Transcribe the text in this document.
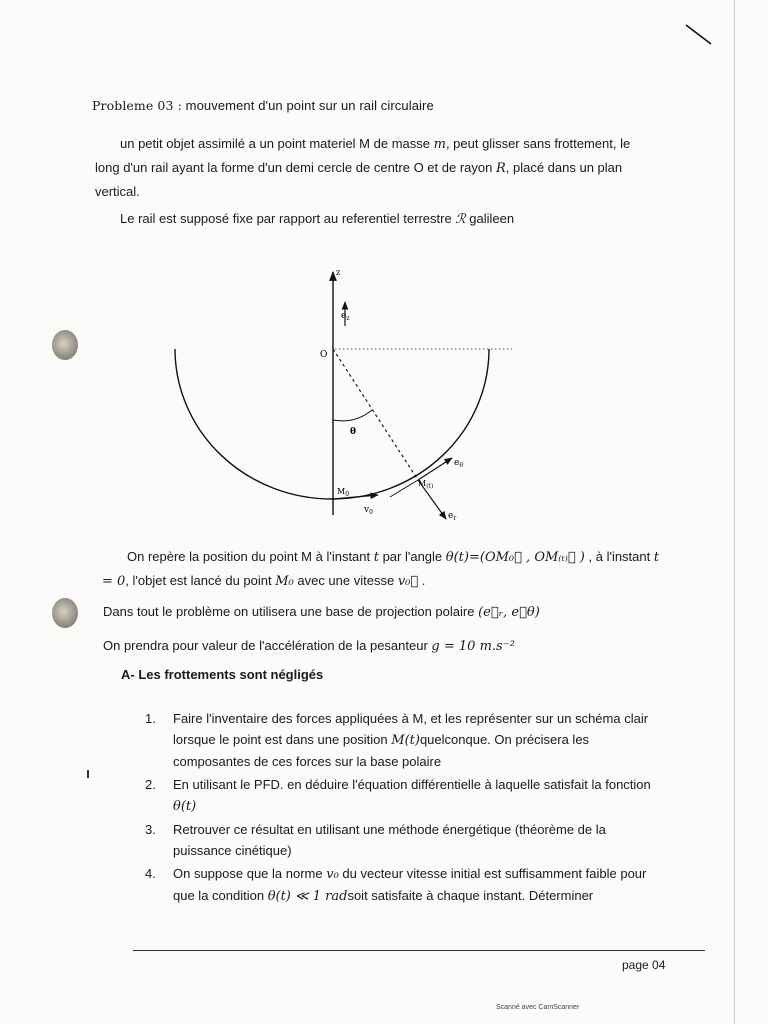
Probleme 03 : mouvement d'un point sur un rail circulaire
un petit objet assimilé a un point materiel M de masse m, peut glisser sans frottement, le long d'un rail ayant la forme d'un demi cercle de centre O et de rayon R, placé dans un plan vertical.
Le rail est supposé fixe par rapport au referentiel terrestre ℛ galileen
z
$e_z$
O
θ
$e_\theta$
$M_0$
$M_{(t)}$
$e_r$
$v_0$
On repère la position du point M à l'instant t par l'angle θ(t)=(OM₀⃗ , OM₍ₜ₎⃗ ) , à l'instant t = 0, l'objet est lancé du point M₀ avec une vitesse v₀⃗ .
Dans tout le problème on utilisera une base de projection polaire (e⃗ᵣ, e⃗θ)
On prendra pour valeur de l'accélération de la pesanteur g = 10 m.s⁻²
A- Les frottements sont négligés
1. Faire l'inventaire des forces appliquées à M, et les représenter sur un schéma clair lorsque le point est dans une position M(t)quelconque. On précisera les composantes de ces forces sur la base polaire
2. En utilisant le PFD. en déduire l'équation différentielle à laquelle satisfait la fonction θ(t)
3. Retrouver ce résultat en utilisant une méthode énergétique (théorème de la puissance cinétique)
4. On suppose que la norme v₀ du vecteur vitesse initial est suffisamment faible pour que la condition θ(t) ≪ 1 radsoit satisfaite à chaque instant. Déterminer
page 04
Scanné avec CamScanner
